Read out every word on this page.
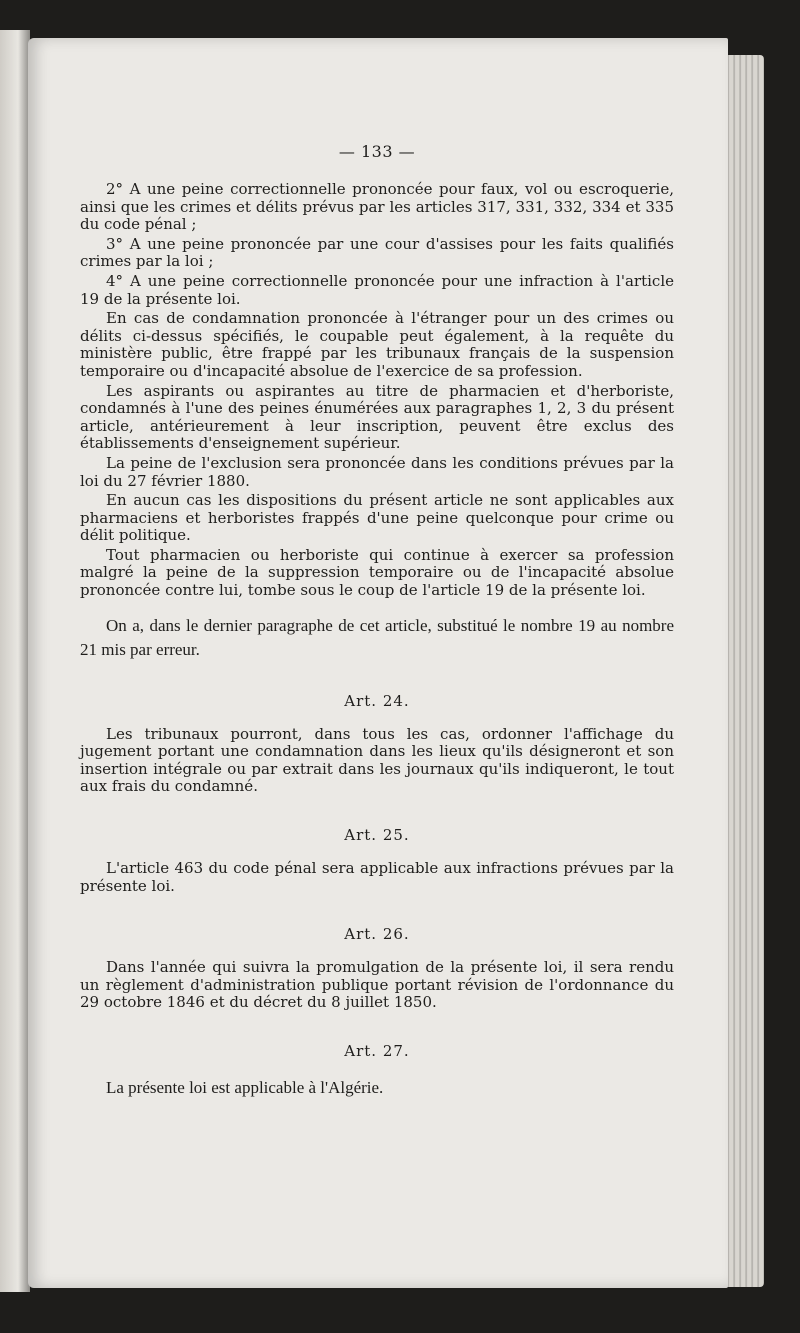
— 133 —

2° A une peine correctionnelle prononcée pour faux, vol ou escroquerie, ainsi que les crimes et délits prévus par les articles 317, 331, 332, 334 et 335 du code pénal ;

3° A une peine prononcée par une cour d'assises pour les faits qualifiés crimes par la loi ;

4° A une peine correctionnelle prononcée pour une infraction à l'article 19 de la présente loi.

En cas de condamnation prononcée à l'étranger pour un des crimes ou délits ci-dessus spécifiés, le coupable peut également, à la requête du ministère public, être frappé par les tribunaux français de la suspension temporaire ou d'incapacité absolue de l'exercice de sa profession.

Les aspirants ou aspirantes au titre de pharmacien et d'herboriste, condamnés à l'une des peines énumérées aux paragraphes 1, 2, 3 du présent article, antérieurement à leur inscription, peuvent être exclus des établissements d'enseignement supérieur.

La peine de l'exclusion sera prononcée dans les conditions prévues par la loi du 27 février 1880.

En aucun cas les dispositions du présent article ne sont applicables aux pharmaciens et herboristes frappés d'une peine quelconque pour crime ou délit politique.

Tout pharmacien ou herboriste qui continue à exercer sa profession malgré la peine de la suppression temporaire ou de l'incapacité absolue prononcée contre lui, tombe sous le coup de l'article 19 de la présente loi.

On a, dans le dernier paragraphe de cet article, substitué le nombre 19 au nombre 21 mis par erreur.

Art. 24.

Les tribunaux pourront, dans tous les cas, ordonner l'affichage du jugement portant une condamnation dans les lieux qu'ils désigneront et son insertion intégrale ou par extrait dans les journaux qu'ils indiqueront, le tout aux frais du condamné.

Art. 25.

L'article 463 du code pénal sera applicable aux infractions prévues par la présente loi.

Art. 26.

Dans l'année qui suivra la promulgation de la présente loi, il sera rendu un règlement d'administration publique portant révision de l'ordonnance du 29 octobre 1846 et du décret du 8 juillet 1850.

Art. 27.

La présente loi est applicable à l'Algérie.
